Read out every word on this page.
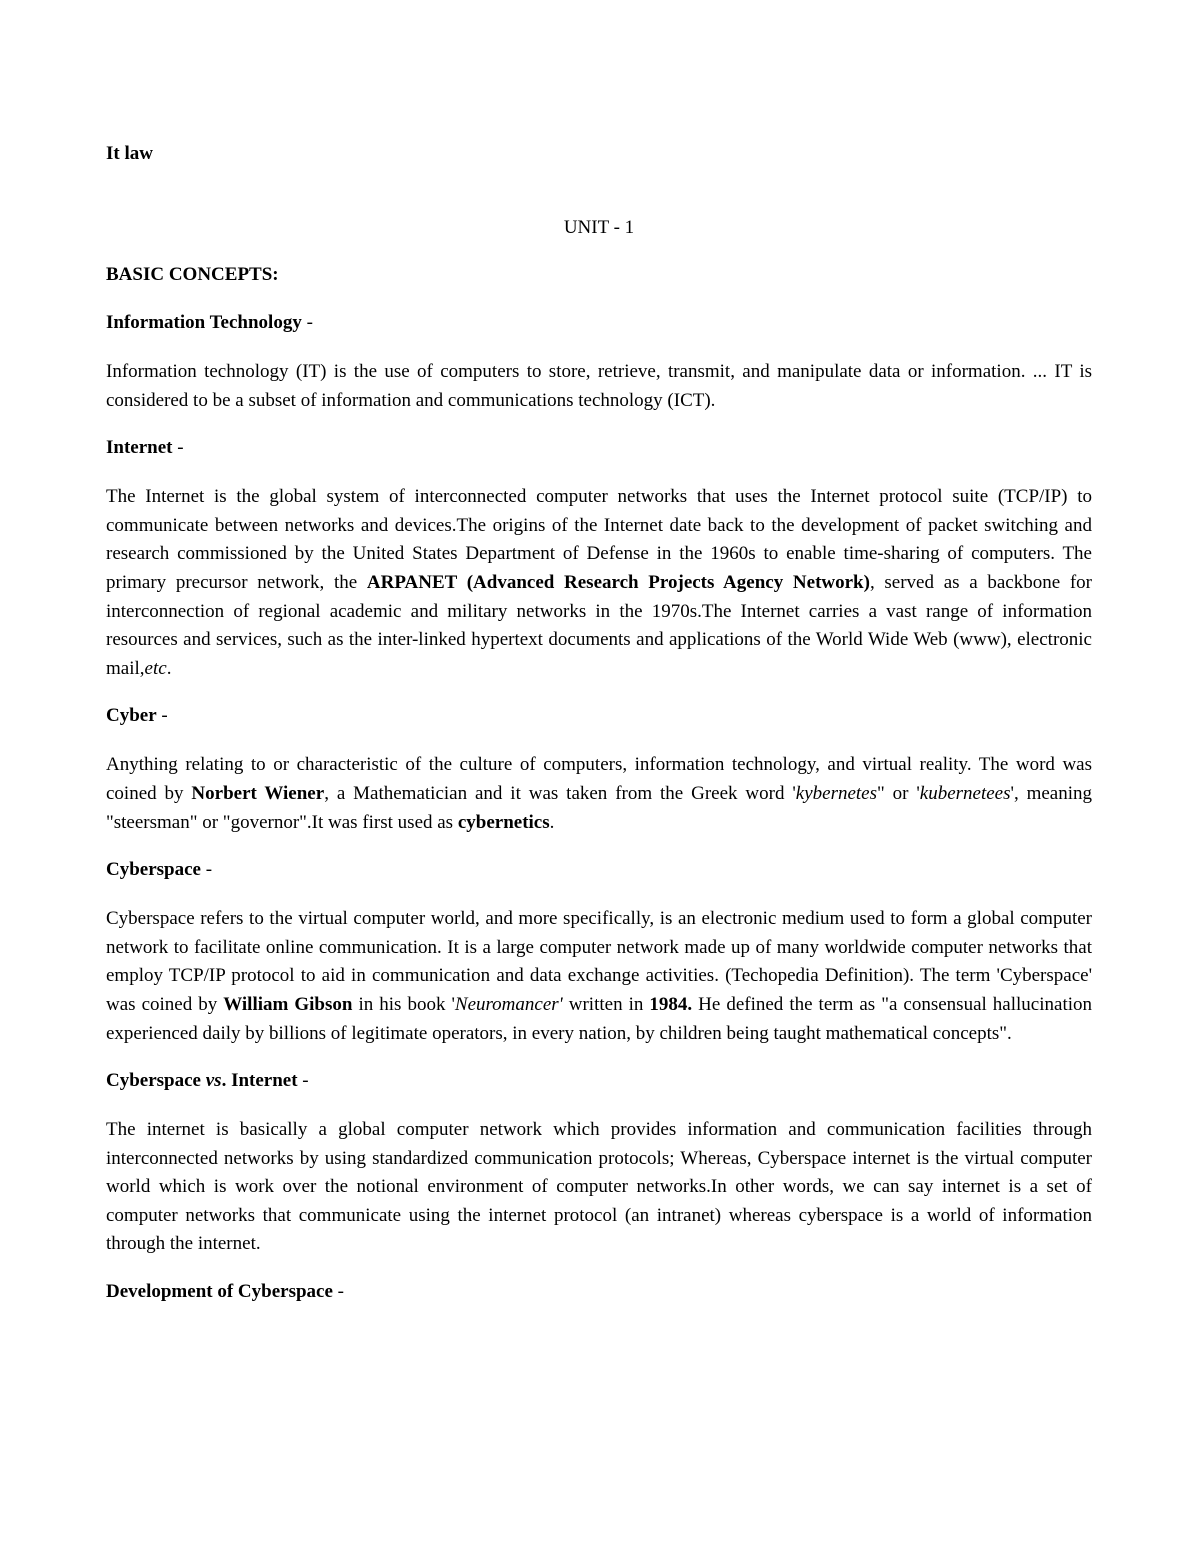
It law

UNIT - 1

BASIC CONCEPTS:

Information Technology -

Information technology (IT) is the use of computers to store, retrieve, transmit, and manipulate data or information. ... IT is considered to be a subset of information and communications technology (ICT).

Internet -

The Internet is the global system of interconnected computer networks that uses the Internet protocol suite (TCP/IP) to communicate between networks and devices.The origins of the Internet date back to the development of packet switching and research commissioned by the United States Department of Defense in the 1960s to enable time-sharing of computers. The primary precursor network, the ARPANET (Advanced Research Projects Agency Network), served as a backbone for interconnection of regional academic and military networks in the 1970s.The Internet carries a vast range of information resources and services, such as the inter-linked hypertext documents and applications of the World Wide Web (www), electronic mail,etc.

Cyber -

Anything relating to or characteristic of the culture of computers, information technology, and virtual reality. The word was coined by Norbert Wiener, a Mathematician and it was taken from the Greek word 'kybernetes" or 'kubernetees', meaning "steersman" or "governor".It was first used as cybernetics.

Cyberspace -

Cyberspace refers to the virtual computer world, and more specifically, is an electronic medium used to form a global computer network to facilitate online communication. It is a large computer network made up of many worldwide computer networks that employ TCP/IP protocol to aid in communication and data exchange activities. (Techopedia Definition). The term 'Cyberspace' was coined by William Gibson in his book 'Neuromancer' written in 1984. He defined the term as "a consensual hallucination experienced daily by billions of legitimate operators, in every nation, by children being taught mathematical concepts".

Cyberspace vs. Internet -

The internet is basically a global computer network which provides information and communication facilities through interconnected networks by using standardized communication protocols; Whereas, Cyberspace internet is the virtual computer world which is work over the notional environment of computer networks.In other words, we can say internet is a set of computer networks that communicate using the internet protocol (an intranet) whereas cyberspace is a world of information through the internet.

Development of Cyberspace -
